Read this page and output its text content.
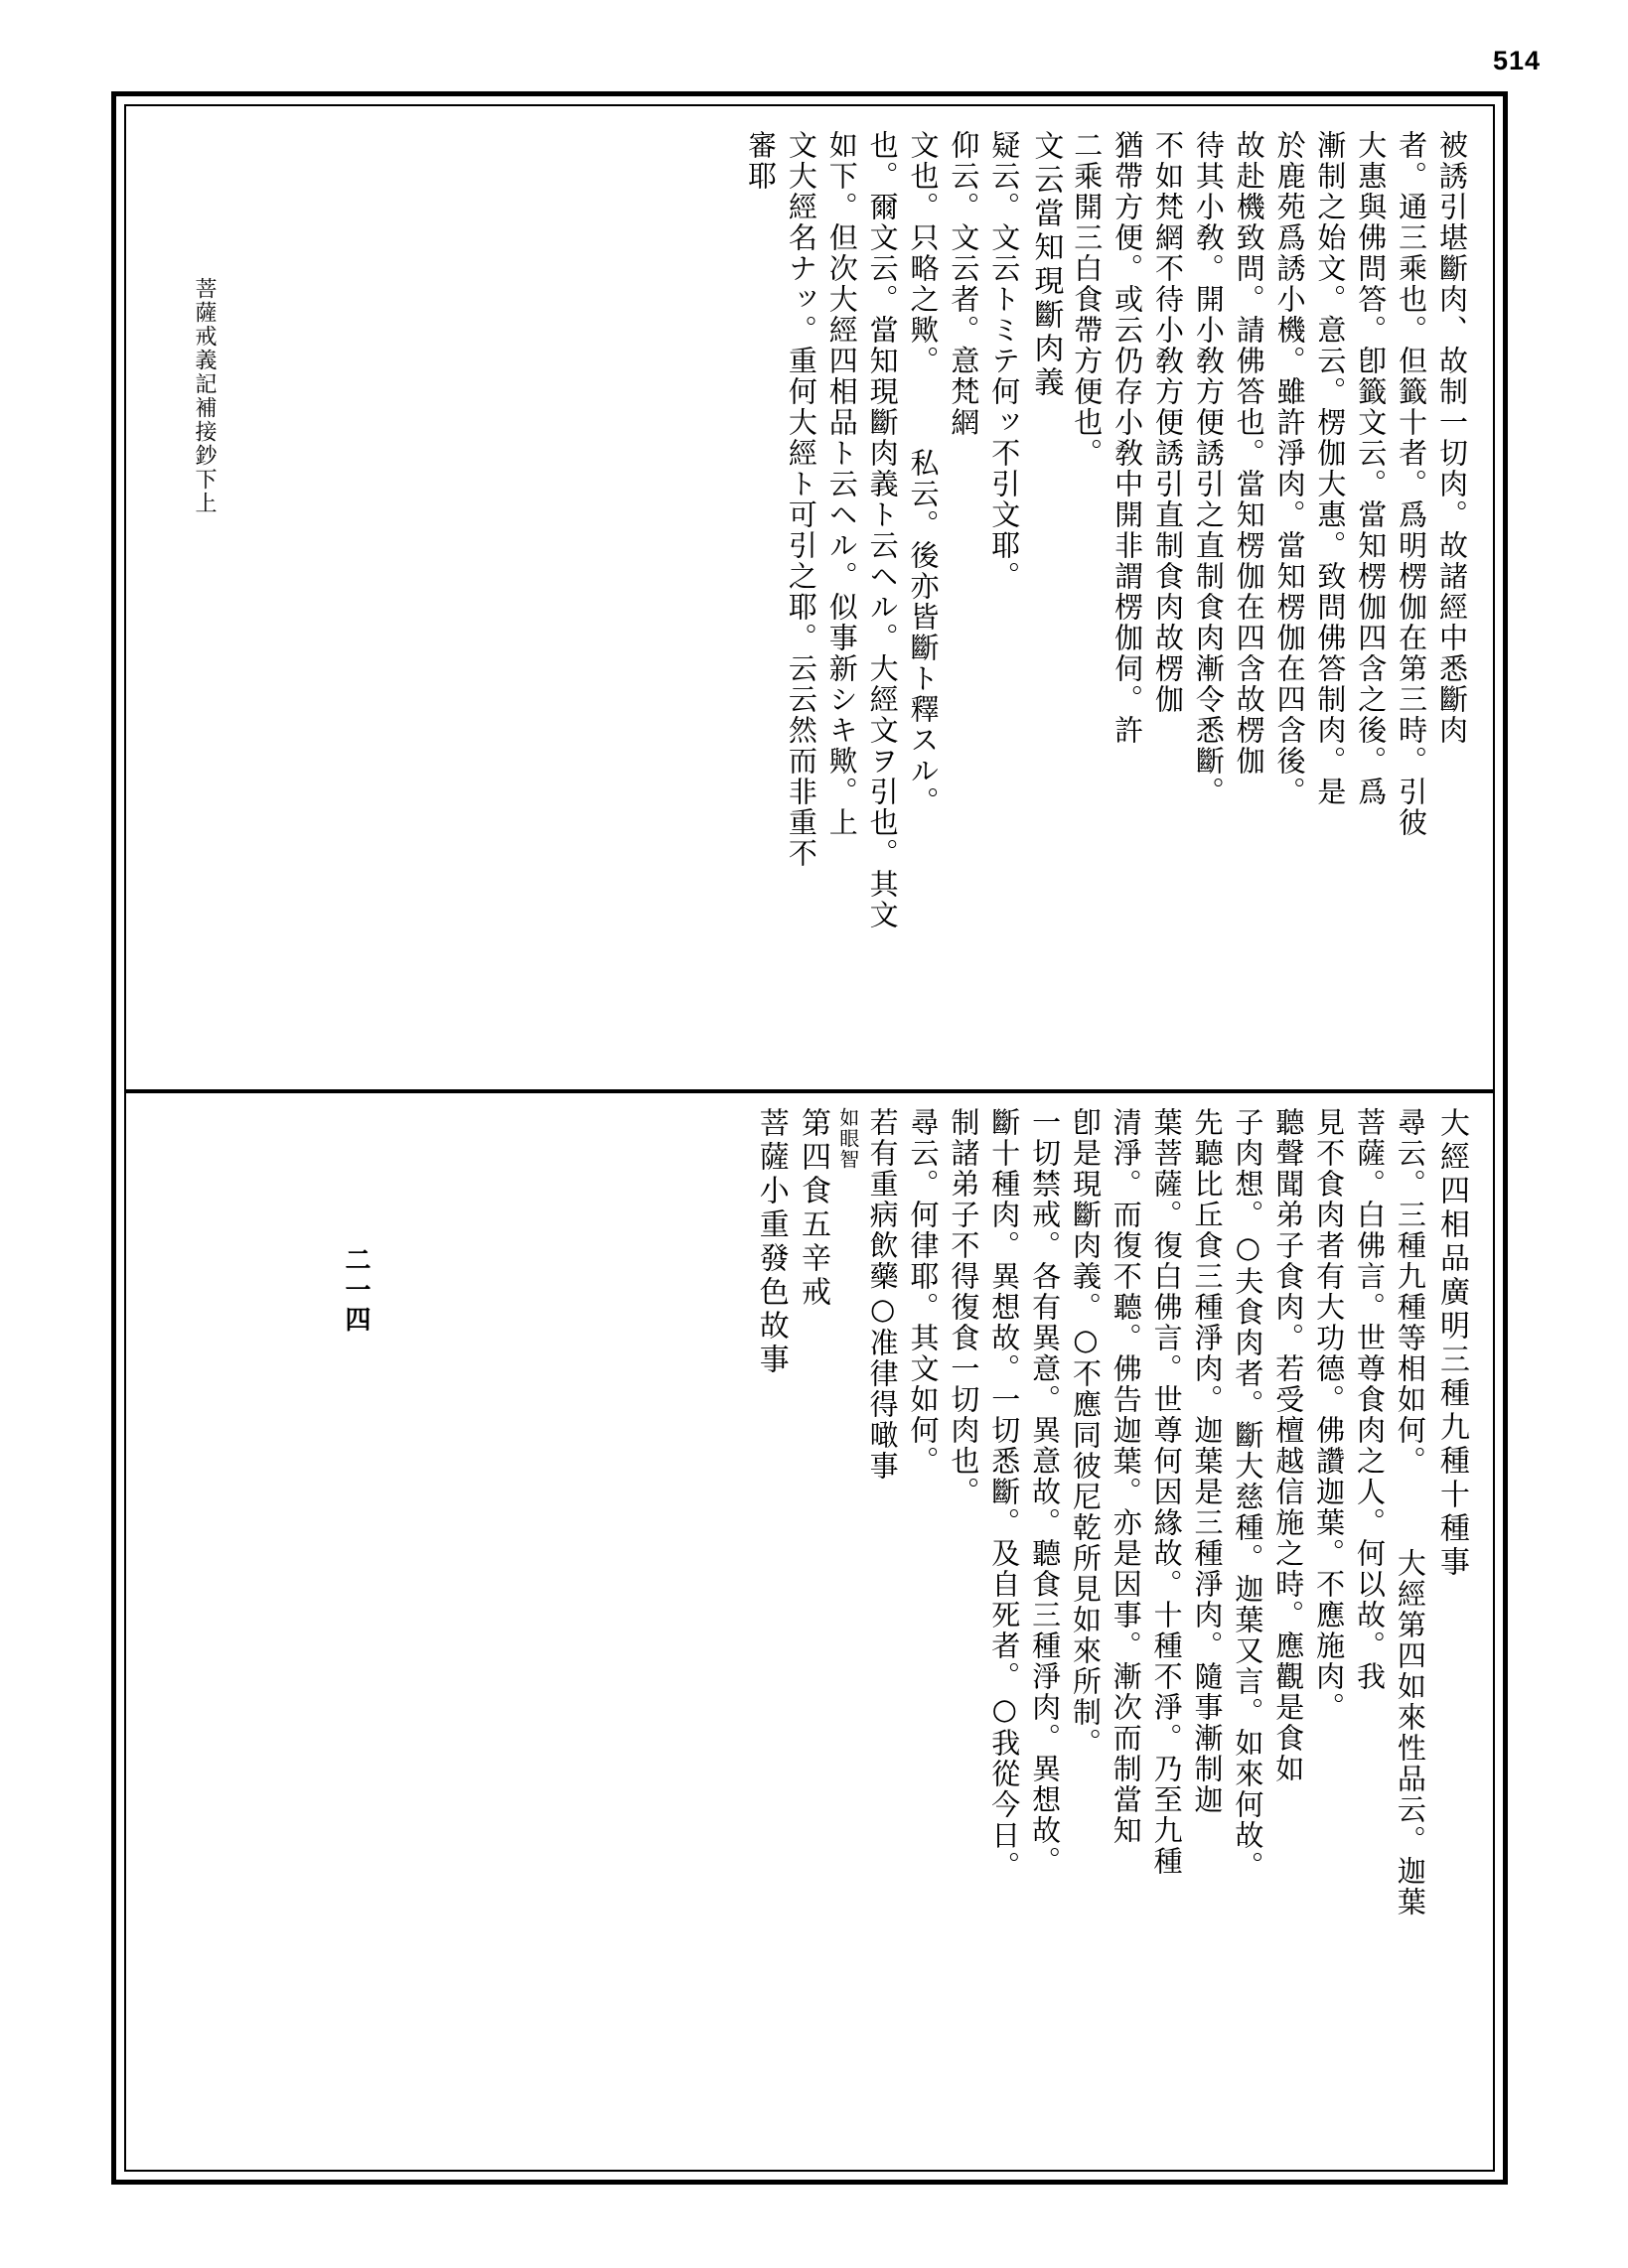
514
被誘引堪斷肉、故制一切肉。故諸經中悉斷肉
者。通三乘也。但籤十者。爲明楞伽在第三時。引彼
大惠與佛問答。卽籤文云。當知楞伽四含之後。爲
漸制之始文。意云。楞伽大惠。致問佛答制肉。是
於鹿苑爲誘小機。雖許淨肉。當知楞伽在四含後。
故赴機致問。請佛答也。當知楞伽在四含故楞伽
待其小敎。開小敎方便誘引之直制食肉漸令悉斷。
不如梵網不待小敎方便誘引直制食肉故楞伽
猶帶方便。或云仍存小敎中開非謂楞伽伺。許
二乘開三白食帶方便也。
文云當知現斷肉義
疑云。文云トミテ何ッ不引文耶。
仰云。文云者。意梵網
文也。只略之歟。  私云。後亦皆斷ト釋スル。
也。爾文云。當知現斷肉義ト云ヘル。大經文ヲ引也。其文
如下。但次大經四相品ト云ヘル。似事新シキ歟。上
文大經名ナッ。重何大經ト可引之耶。云云然而非重不
審耶
菩薩戒義記補接鈔下上
大經四相品廣明三種九種十種事
尋云。三種九種等相如何。  大經第四如來性品云。迦葉
菩薩。白佛言。世尊食肉之人。何以故。我
見不食肉者有大功德。佛讚迦葉。不應施肉。
聽聲聞弟子食肉。若受檀越信施之時。應觀是食如
子肉想。○夫食肉者。斷大慈種。迦葉又言。如來何故。
先聽比丘食三種淨肉。迦葉是三種淨肉。隨事漸制迦
葉菩薩。復白佛言。世尊何因緣故。十種不淨。乃至九種
清淨。而復不聽。佛告迦葉。亦是因事。漸次而制當知
卽是現斷肉義。○不應同彼尼乾所見如來所制。
一切禁戒。各有異意。異意故。聽食三種淨肉。異想故。
斷十種肉。異想故。一切悉斷。及自死者。○我從今日。
制諸弟子不得復食一切肉也。
尋云。何律耶。其文如何。
若有重病飲藥○准律得噉事
如眼智
第四食五辛戒
菩薩小重發色故事
二一四
